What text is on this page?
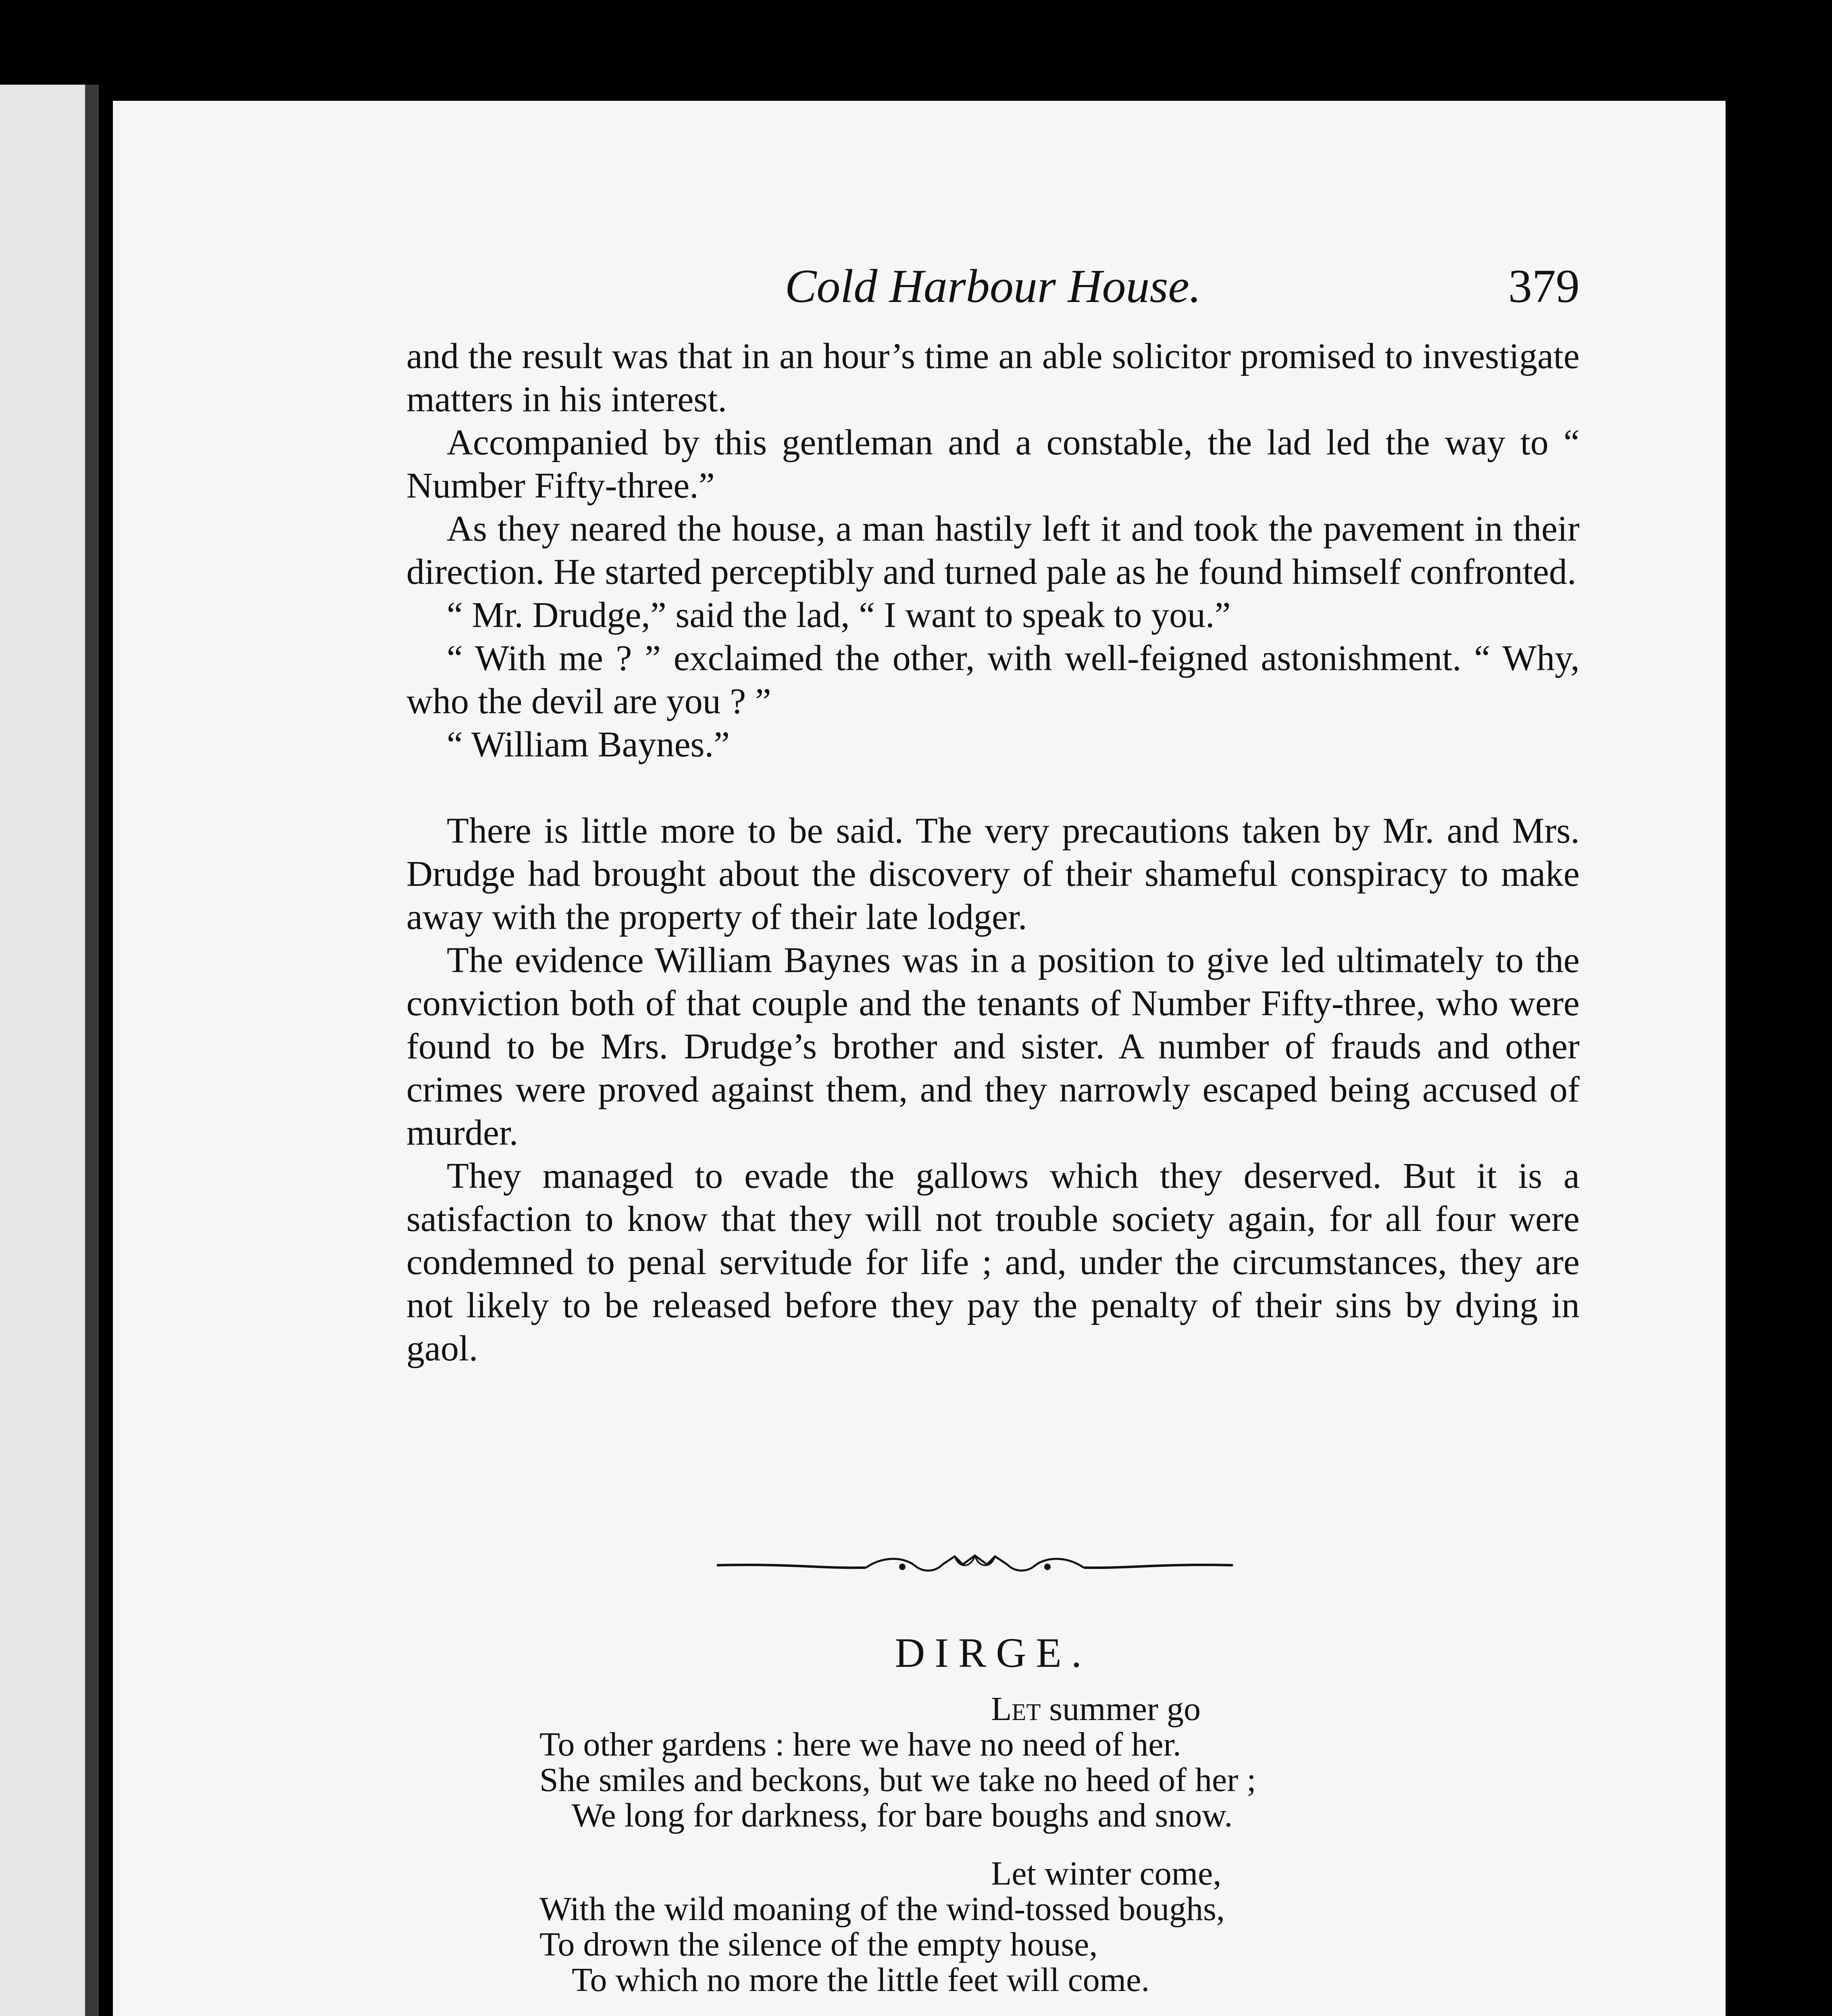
Cold Harbour House.	379

and the result was that in an hour’s time an able solicitor promised to investigate matters in his interest.

Accompanied by this gentleman and a constable, the lad led the way to “ Number Fifty-three.”

As they neared the house, a man hastily left it and took the pavement in their direction. He started perceptibly and turned pale as he found himself confronted.

“ Mr. Drudge,” said the lad, “ I want to speak to you.”

“ With me ? ” exclaimed the other, with well-feigned astonishment. “ Why, who the devil are you ? ”

“ William Baynes.”

There is little more to be said. The very precautions taken by Mr. and Mrs. Drudge had brought about the discovery of their shameful conspiracy to make away with the property of their late lodger.

The evidence William Baynes was in a position to give led ultimately to the conviction both of that couple and the tenants of Number Fifty-three, who were found to be Mrs. Drudge’s brother and sister. A number of frauds and other crimes were proved against them, and they narrowly escaped being accused of murder.

They managed to evade the gallows which they deserved. But it is a satisfaction to know that they will not trouble society again, for all four were condemned to penal servitude for life ; and, under the circumstances, they are not likely to be released before they pay the penalty of their sins by dying in gaol.

DIRGE.
Let summer go
To other gardens : here we have no need of her.
She smiles and beckons, but we take no heed of her ;
We long for darkness, for bare boughs and snow.
Let winter come,
With the wild moaning of the wind-tossed boughs,
To drown the silence of the empty house,
To which no more the little feet will come.
